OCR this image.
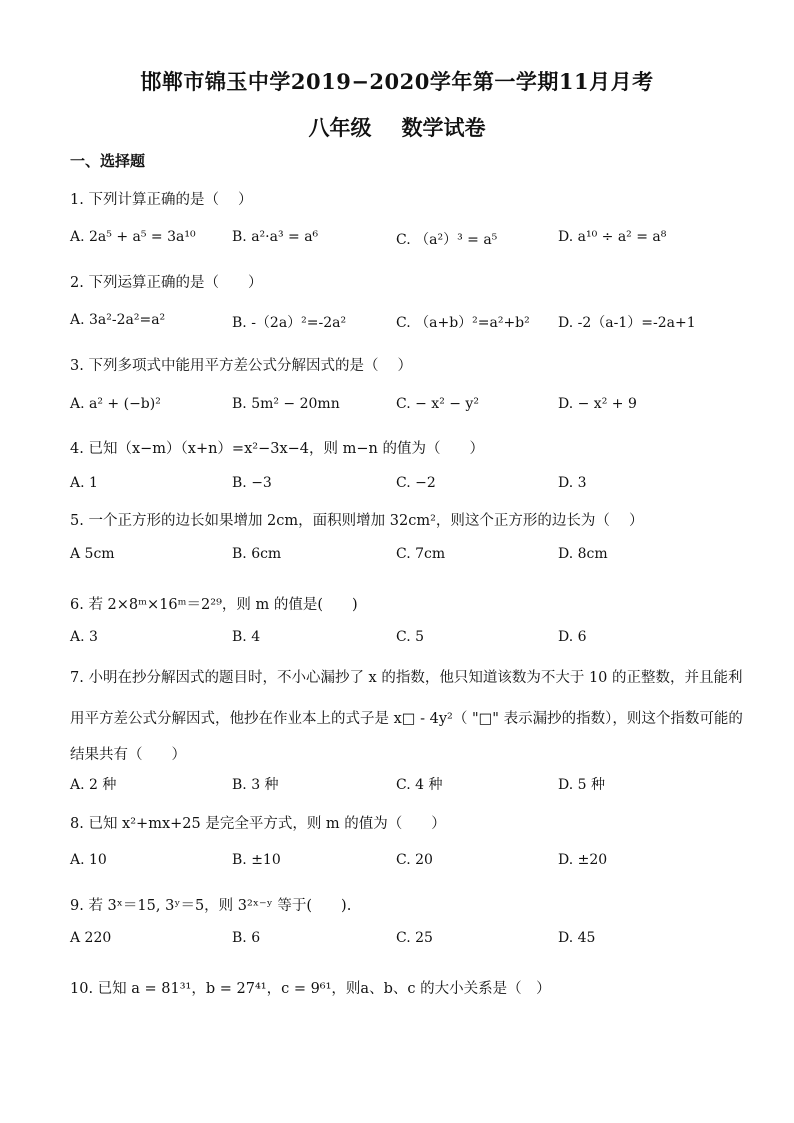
邯郸市锦玉中学2019−2020学年第一学期11月月考
八年级 数学试卷
一、选择题
1. 下列计算正确的是（　 ）
A. 2a⁵ + a⁵ = 3a¹⁰	B. a²·a³ = a⁶	C. （a²）³ = a⁵	D. a¹⁰ ÷ a² = a⁸
2. 下列运算正确的是（　　）
A. 3a²-2a²=a²	B. -（2a）²=-2a²	C. （a+b）²=a²+b² D. -2（a-1）=-2a+1
3. 下列多项式中能用平方差公式分解因式的是（　 ）
A. a² + (−b)²	B. 5m² − 20mn	C. − x² − y²	D. − x² + 9
4. 已知（x−m）（x+n）=x²−3x−4，则 m−n 的值为（　　）
A. 1	B. −3	C. −2	D. 3
5. 一个正方形的边长如果增加 2cm，面积则增加 32cm²，则这个正方形的边长为（　 ）
A 5cm	B. 6cm	C. 7cm	D. 8cm
6. 若 2×8ᵐ×16ᵐ＝2²⁹，则 m 的值是(　　)
A. 3	B. 4	C. 5	D. 6
7. 小明在抄分解因式的题目时，不小心漏抄了 x 的指数，他只知道该数为不大于 10 的正整数，并且能利
用平方差公式分解因式，他抄在作业本上的式子是 x□ - 4y²（ "□" 表示漏抄的指数），则这个指数可能的
结果共有（　　）
A. 2 种	B. 3 种	C. 4 种	D. 5 种
8. 已知 x²+mx+25 是完全平方式，则 m 的值为（　　）
A. 10	B. ±10	C. 20	D. ±20
9. 若 3ˣ＝15, 3ʸ＝5，则 3²ˣ⁻ʸ 等于(　　).
A 220	B. 6	C. 25	D. 45
10. 已知 a = 81³¹，b = 27⁴¹，c = 9⁶¹，则a、b、c 的大小关系是（　）
